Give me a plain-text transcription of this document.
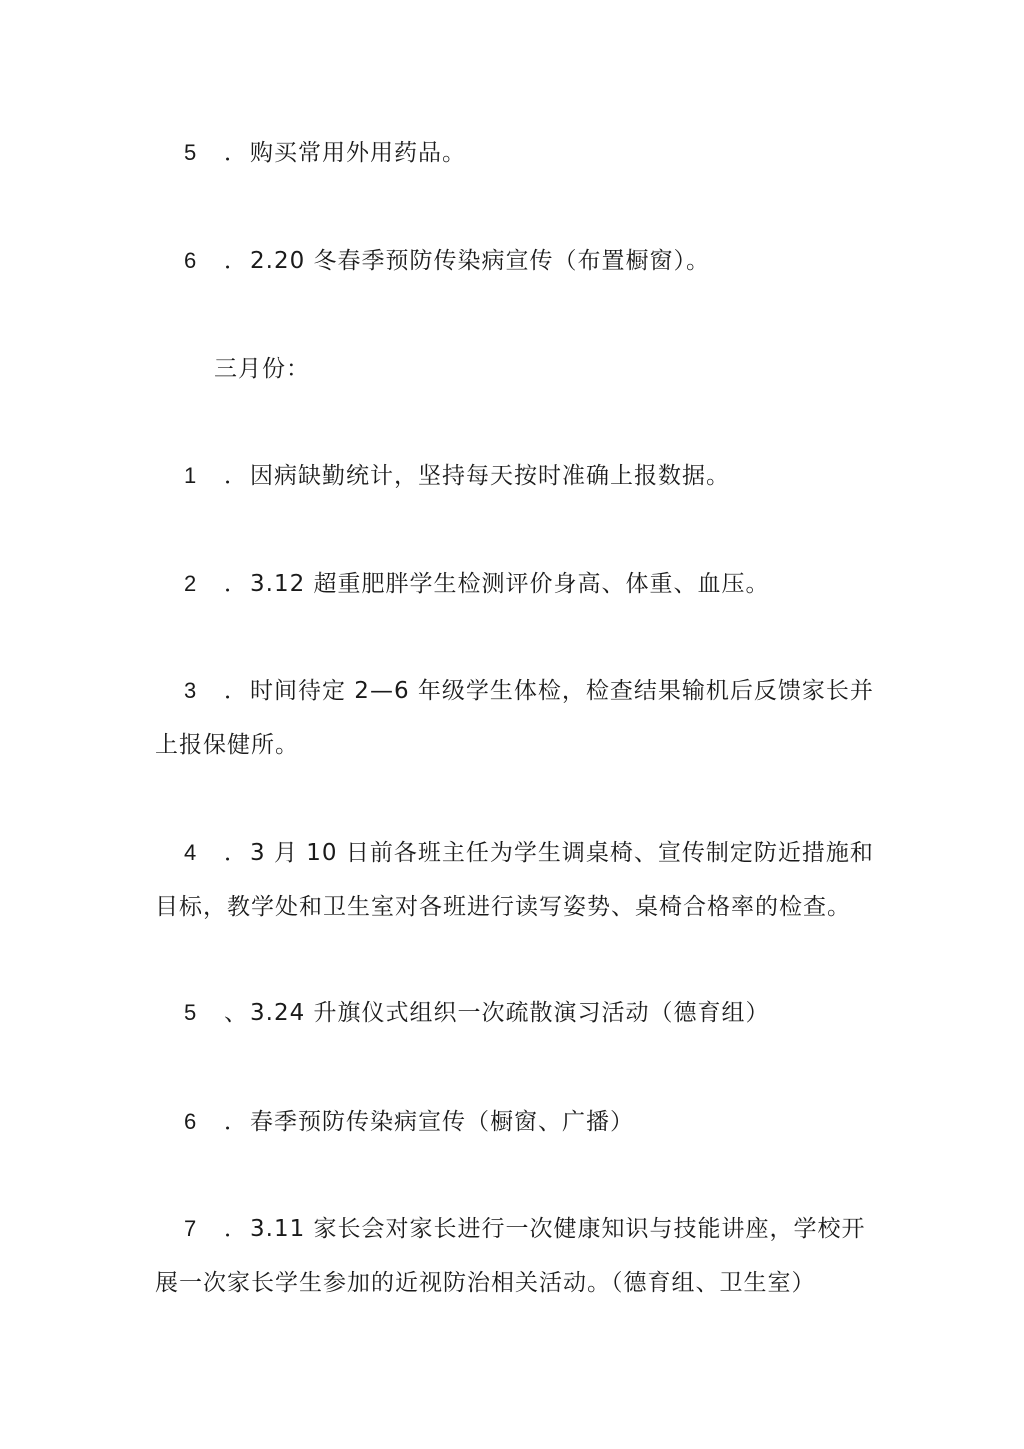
5 ． 购买常用外用药品。
6 ． 2.20 冬春季预防传染病宣传（布置橱窗）。
三月份：
1 ． 因病缺勤统计，坚持每天按时准确上报数据。
2 ． 3.12 超重肥胖学生检测评价身高、体重、血压。
3 ． 时间待定 2—6 年级学生体检，检查结果输机后反馈家长并
上报保健所。
4 ． 3 月 10 日前各班主任为学生调桌椅、宣传制定防近措施和
目标，教学处和卫生室对各班进行读写姿势、桌椅合格率的检查。
5 、 3.24 升旗仪式组织一次疏散演习活动（德育组）
6 ． 春季预防传染病宣传（橱窗、广播）
7 ． 3.11 家长会对家长进行一次健康知识与技能讲座，学校开
展一次家长学生参加的近视防治相关活动。（德育组、卫生室）
